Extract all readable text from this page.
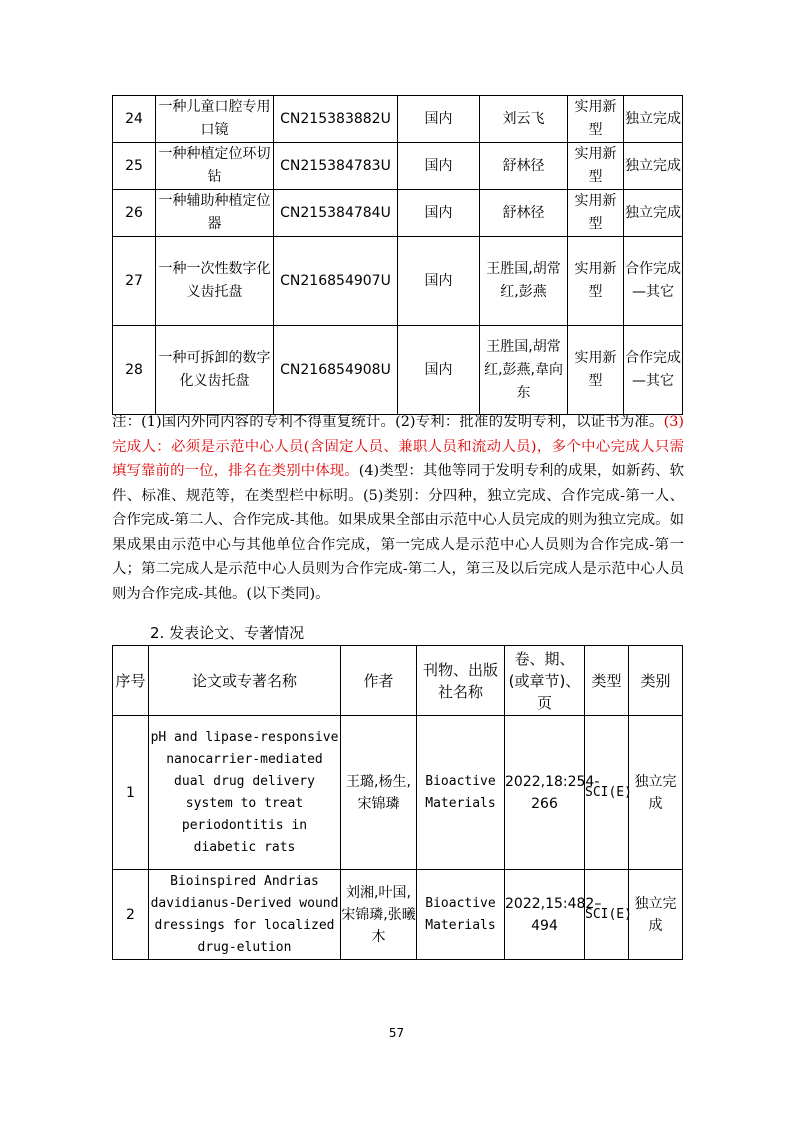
24	一种儿童口腔专用口镜	CN215383882U	国内	刘云飞	实用新型	独立完成
25	一种种植定位环切钻	CN215384783U	国内	舒林径	实用新型	独立完成
26	一种辅助种植定位器	CN215384784U	国内	舒林径	实用新型	独立完成
27	一种一次性数字化义齿托盘	CN216854907U	国内	王胜国,胡常红,彭燕	实用新型	合作完成—其它
28	一种可拆卸的数字化义齿托盘	CN216854908U	国内	王胜国,胡常红,彭燕,韋向东	实用新型	合作完成—其它

注：(1)国内外同内容的专利不得重复统计。(2)专利：批准的发明专利，以证书为准。(3)完成人：必须是示范中心人员(含固定人员、兼职人员和流动人员)，多个中心完成人只需填写靠前的一位，排名在类别中体现。(4)类型：其他等同于发明专利的成果，如新药、软件、标准、规范等，在类型栏中标明。(5)类别：分四种，独立完成、合作完成-第一人、合作完成-第二人、合作完成-其他。如果成果全部由示范中心人员完成的则为独立完成。如果成果由示范中心与其他单位合作完成，第一完成人是示范中心人员则为合作完成-第一人；第二完成人是示范中心人员则为合作完成-第二人，第三及以后完成人是示范中心人员则为合作完成-其他。(以下类同)。

2. 发表论文、专著情况

序号	论文或专著名称	作者	刊物、出版社名称	卷、期、(或章节)、页	类型	类别
1	pH and lipase-responsive nanocarrier-mediated dual drug delivery system to treat periodontitis in diabetic rats	王璐,杨生,宋锦璘	Bioactive Materials	2022,18:254-266	SCI(E)	独立完成
2	Bioinspired Andrias davidianus-Derived wound dressings for localized drug-elution	刘湘,叶国,宋锦璘,张曦木	Bioactive Materials	2022,15:482–494	SCI(E)	独立完成
57
